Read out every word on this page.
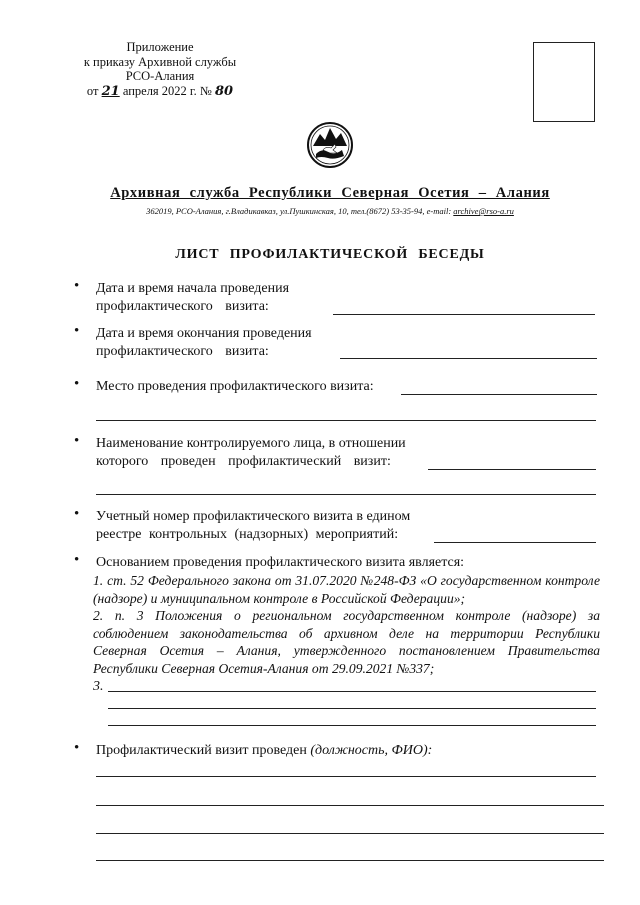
Приложение
к приказу Архивной службы
РСО-Алания
от 21 апреля 2022 г. № 80
Архивная служба Республики Северная Осетия – Алания
362019, РСО-Алания, г.Владикавказ, ул.Пушкинская, 10, тел.(8672) 53-35-94, e-mail: archive@rso-a.ru
ЛИСТ ПРОФИЛАКТИЧЕСКОЙ БЕСЕДЫ
• Дата и время начала проведения
профилактического визита:
• Дата и время окончания проведения
профилактического визита:
• Место проведения профилактического визита:
• Наименование контролируемого лица, в отношении
которого проведен профилактический визит:
• Учетный номер профилактического визита в едином
реестре контрольных (надзорных) мероприятий:
• Основанием проведения профилактического визита является:
1. ст. 52 Федерального закона от 31.07.2020 №248-ФЗ «О государственном контроле (надзоре) и муниципальном контроле в Российской Федерации»;
2. п. 3 Положения о региональном государственном контроле (надзоре) за соблюдением законодательства об архивном деле на территории Республики Северная Осетия – Алания, утвержденного постановлением Правительства Республики Северная Осетия-Алания от 29.09.2021 №337;
3.
• Профилактический визит проведен (должность, ФИО):
